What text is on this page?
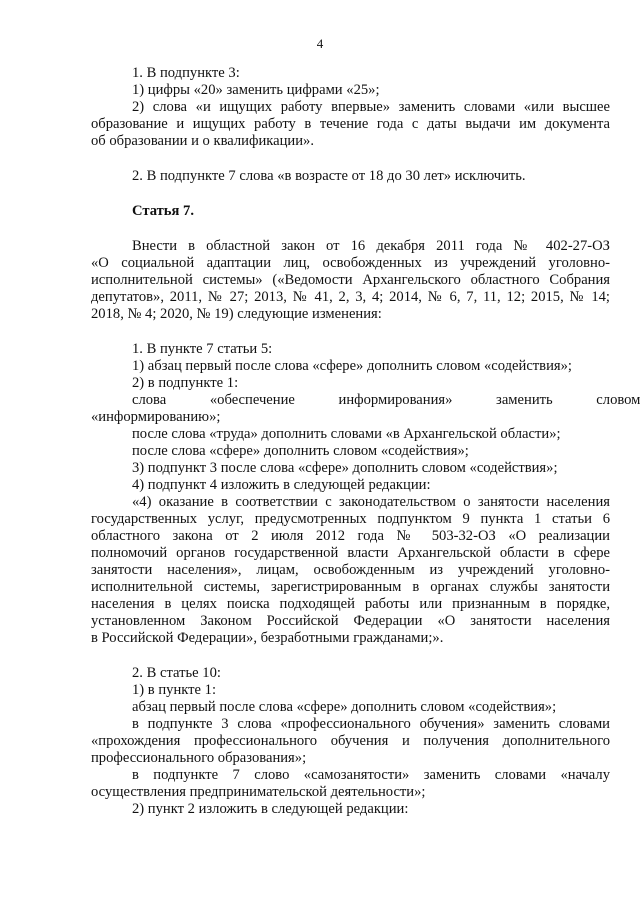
4
1. В подпункте 3:
1) цифры «20» заменить цифрами «25»;
2) слова «и ищущих работу впервые» заменить словами «или высшее
образование и ищущих работу в течение года с даты выдачи им документа
об образовании и о квалификации».
2. В подпункте 7 слова «в возрасте от 18 до 30 лет» исключить.
Статья 7.
Внести в областной закон от 16 декабря 2011 года № 402-27-ОЗ
«О социальной адаптации лиц, освобожденных из учреждений уголовно-
исполнительной системы» («Ведомости Архангельского областного Собрания
депутатов», 2011, № 27; 2013, № 41, 2, 3, 4; 2014, № 6, 7, 11, 12; 2015, № 14;
2018, № 4; 2020, № 19) следующие изменения:
1. В пункте 7 статьи 5:
1) абзац первый после слова «сфере» дополнить словом «содействия»;
2) в подпункте 1:
слова «обеспечение информирования» заменить словом
«информированию»;
после слова «труда» дополнить словами «в Архангельской области»;
после слова «сфере» дополнить словом «содействия»;
3) подпункт 3 после слова «сфере» дополнить словом «содействия»;
4) подпункт 4 изложить в следующей редакции:
«4) оказание в соответствии с законодательством о занятости населения
государственных услуг, предусмотренных подпунктом 9 пункта 1 статьи 6
областного закона от 2 июля 2012 года № 503-32-ОЗ «О реализации
полномочий органов государственной власти Архангельской области в сфере
занятости населения», лицам, освобожденным из учреждений уголовно-
исполнительной системы, зарегистрированным в органах службы занятости
населения в целях поиска подходящей работы или признанным в порядке,
установленном Законом Российской Федерации «О занятости населения
в Российской Федерации», безработными гражданами;».
2. В статье 10:
1) в пункте 1:
абзац первый после слова «сфере» дополнить словом «содействия»;
в подпункте 3 слова «профессионального обучения» заменить словами
«прохождения профессионального обучения и получения дополнительного
профессионального образования»;
в подпункте 7 слово «самозанятости» заменить словами «началу
осуществления предпринимательской деятельности»;
2) пункт 2 изложить в следующей редакции:
